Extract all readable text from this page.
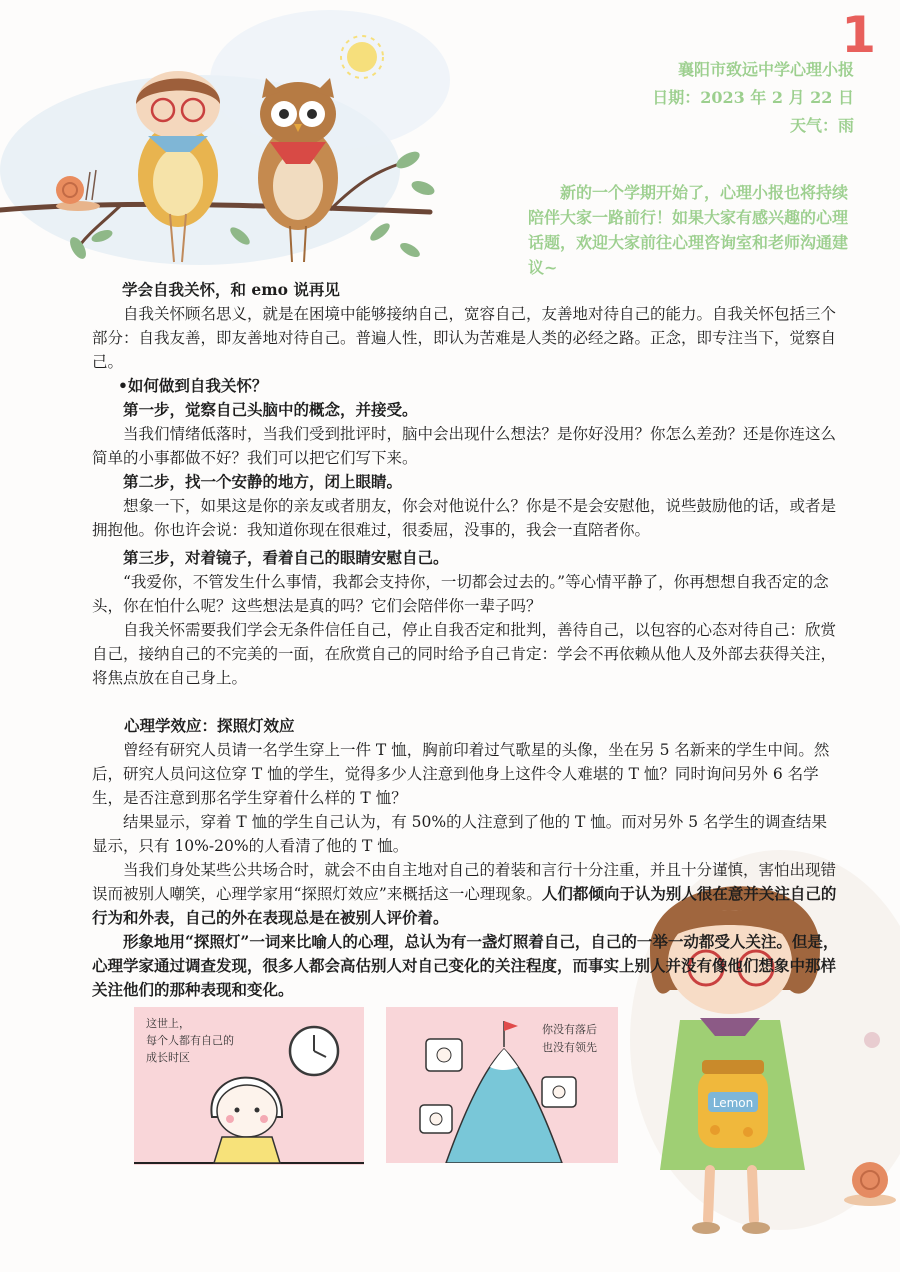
1
襄阳市致远中学心理小报
日期：2023 年 2 月 22 日
天气：雨

新的一个学期开始了，心理小报也将持续陪伴大家一路前行！如果大家有感兴趣的心理话题，欢迎大家前往心理咨询室和老师沟通建议~

Lemon

学会自我关怀，和 emo 说再见

自我关怀顾名思义，就是在困境中能够接纳自己，宽容自己，友善地对待自己的能力。自我关怀包括三个部分：自我友善，即友善地对待自己。普遍人性，即认为苦难是人类的必经之路。正念，即专注当下，觉察自己。

•如何做到自我关怀？

第一步，觉察自己头脑中的概念，并接受。

当我们情绪低落时，当我们受到批评时，脑中会出现什么想法？是你好没用？你怎么差劲？还是你连这么简单的小事都做不好？我们可以把它们写下来。

第二步，找一个安静的地方，闭上眼睛。

想象一下，如果这是你的亲友或者朋友，你会对他说什么？你是不是会安慰他，说些鼓励他的话，或者是拥抱他。你也许会说：我知道你现在很难过，很委屈，没事的，我会一直陪者你。

第三步，对着镜子，看着自己的眼睛安慰自己。

“我爱你，不管发生什么事情，我都会支持你，一切都会过去的。”等心情平静了，你再想想自我否定的念头，你在怕什么呢？这些想法是真的吗？它们会陪伴你一辈子吗？

自我关怀需要我们学会无条件信任自己，停止自我否定和批判，善待自己，以包容的心态对待自己：欣赏自己，接纳自己的不完美的一面，在欣赏自己的同时给予自己肯定：学会不再依赖从他人及外部去获得关注，将焦点放在自己身上。

心理学效应：探照灯效应

曾经有研究人员请一名学生穿上一件 T 恤，胸前印着过气歌星的头像，坐在另 5 名新来的学生中间。然后，研究人员问这位穿 T 恤的学生，觉得多少人注意到他身上这件令人难堪的 T 恤？同时询问另外 6 名学生，是否注意到那名学生穿着什么样的 T 恤？

结果显示，穿着 T 恤的学生自己认为，有 50%的人注意到了他的 T 恤。而对另外 5 名学生的调查结果显示，只有 10%-20%的人看清了他的 T 恤。

当我们身处某些公共场合时，就会不由自主地对自己的着装和言行十分注重，并且十分谨慎，害怕出现错误而被别人嘲笑，心理学家用“探照灯效应”来概括这一心理现象。人们都倾向于认为别人很在意并关注自己的行为和外表，自己的外在表现总是在被别人评价着。

形象地用“探照灯”一词来比喻人的心理，总认为有一盏灯照着自己，自己的一举一动都受人关注。但是，心理学家通过调查发现，很多人都会高估别人对自己变化的关注程度，而事实上别人并没有像他们想象中那样关注他们的那种表现和变化。

这世上，
每个人都有自己的
成长时区
你没有落后
也没有领先
